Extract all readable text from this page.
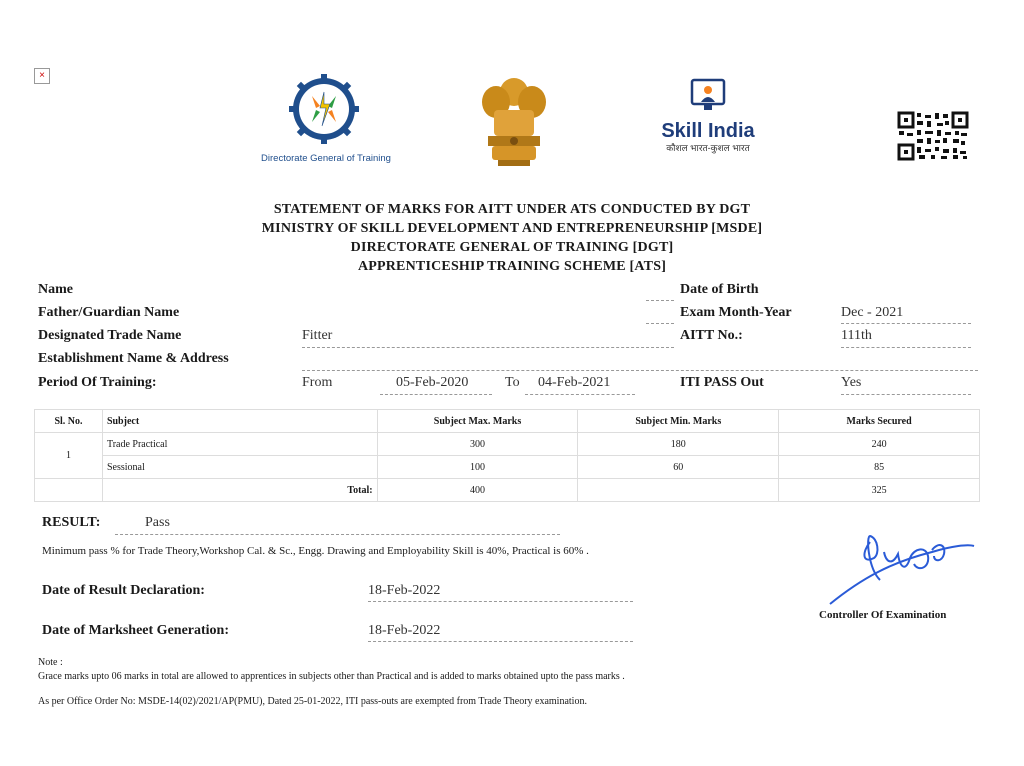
×
Directorate General of Training
Skill India
कौशल भारत-कुशल भारत
STATEMENT OF MARKS FOR AITT UNDER ATS CONDUCTED BY DGT
MINISTRY OF SKILL DEVELOPMENT AND ENTREPRENEURSHIP [MSDE]
DIRECTORATE GENERAL OF TRAINING [DGT]
APPRENTICESHIP TRAINING SCHEME [ATS]
Name
Father/Guardian Name
Designated Trade Name	Fitter
Establishment Name & Address
Period Of Training:	From	05-Feb-2020	To 04-Feb-2021
Date of Birth
Exam Month-Year	Dec - 2021
AITT No.:	111th
ITI PASS Out	Yes
Sl. No.	Subject	Subject Max. Marks	Subject Min. Marks	Marks Secured
1	Trade Practical	300	180	240
	Sessional	100	60	85
	Total:	400		325
RESULT:	Pass
Minimum pass % for Trade Theory,Workshop Cal. & Sc., Engg. Drawing and Employability Skill is 40%, Practical is 60% .
Date of Result Declaration:	18-Feb-2022
Date of Marksheet Generation:	18-Feb-2022
Controller Of Examination
Note :
Grace marks upto 06 marks in total are allowed to apprentices in subjects other than Practical and is added to marks obtained upto the pass marks .
As per Office Order No: MSDE-14(02)/2021/AP(PMU), Dated 25-01-2022, ITI pass-outs are exempted from Trade Theory examination.
